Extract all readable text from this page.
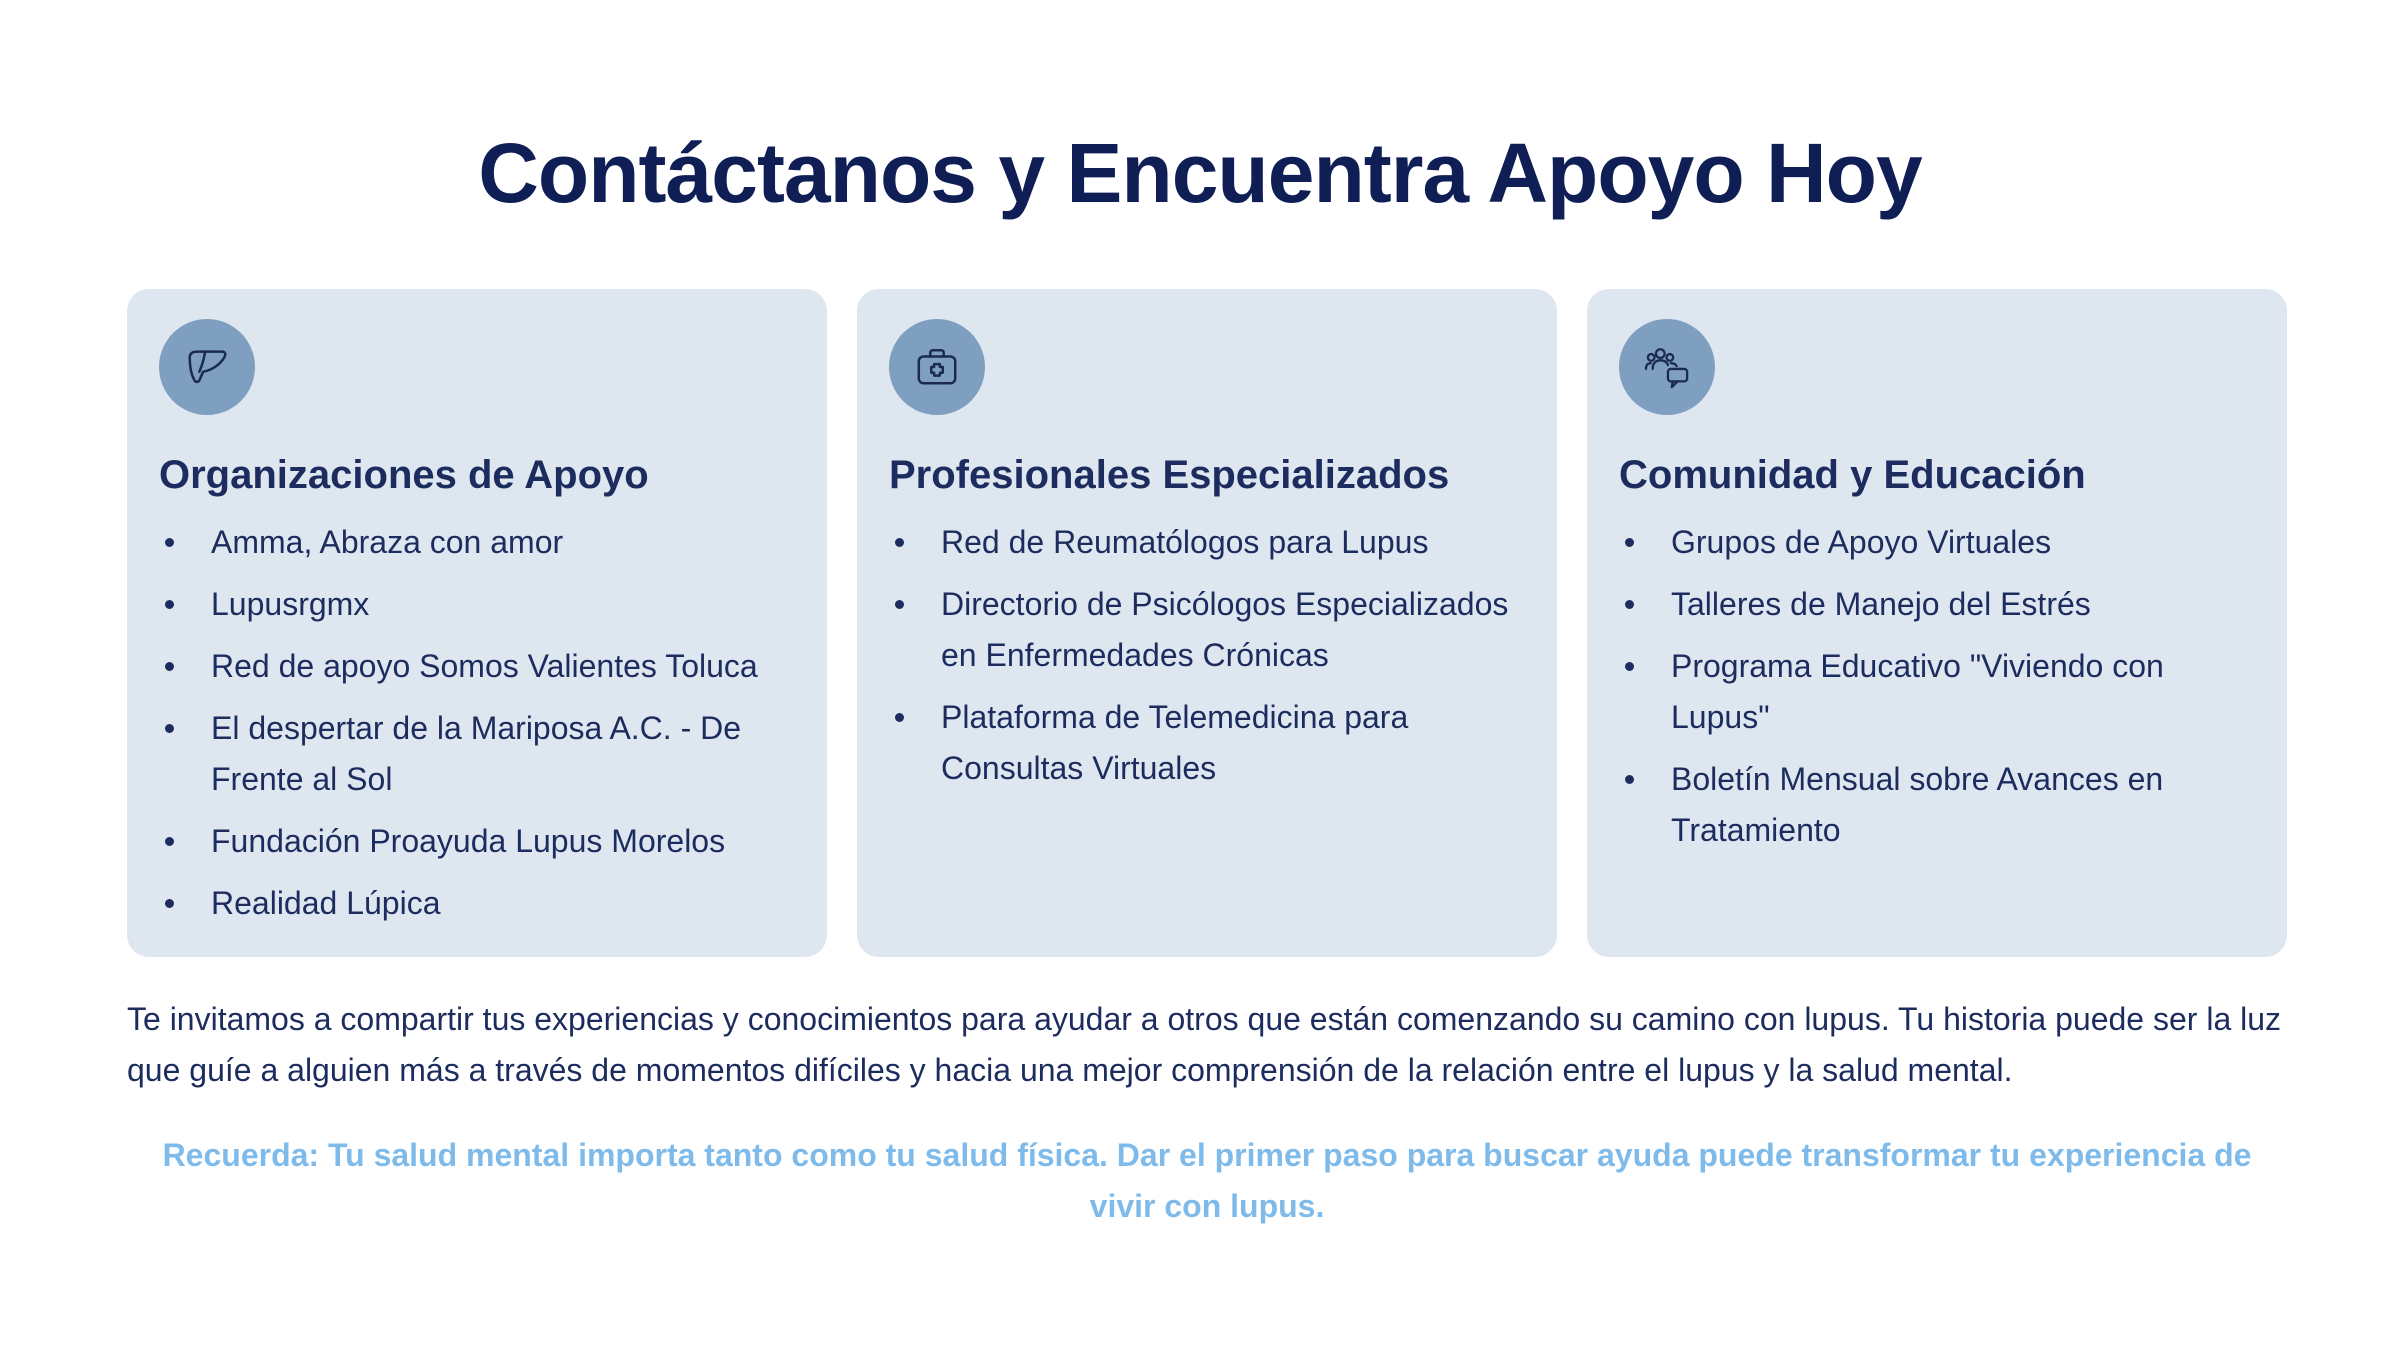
Contáctanos y Encuentra Apoyo Hoy
Organizaciones de Apoyo
Amma, Abraza con amor
Lupusrgmx
Red de apoyo Somos Valientes Toluca
El despertar de la Mariposa A.C. - De Frente al Sol
Fundación Proayuda Lupus Morelos
Realidad Lúpica
Profesionales Especializados
Red de Reumatólogos para Lupus
Directorio de Psicólogos Especializados en Enfermedades Crónicas
Plataforma de Telemedicina para Consultas Virtuales
Comunidad y Educación
Grupos de Apoyo Virtuales
Talleres de Manejo del Estrés
Programa Educativo "Viviendo con Lupus"
Boletín Mensual sobre Avances en Tratamiento

Te invitamos a compartir tus experiencias y conocimientos para ayudar a otros que están comenzando su camino con lupus. Tu historia puede ser la luz que guíe a alguien más a través de momentos difíciles y hacia una mejor comprensión de la relación entre el lupus y la salud mental.

Recuerda: Tu salud mental importa tanto como tu salud física. Dar el primer paso para buscar ayuda puede transformar tu experiencia de vivir con lupus.
